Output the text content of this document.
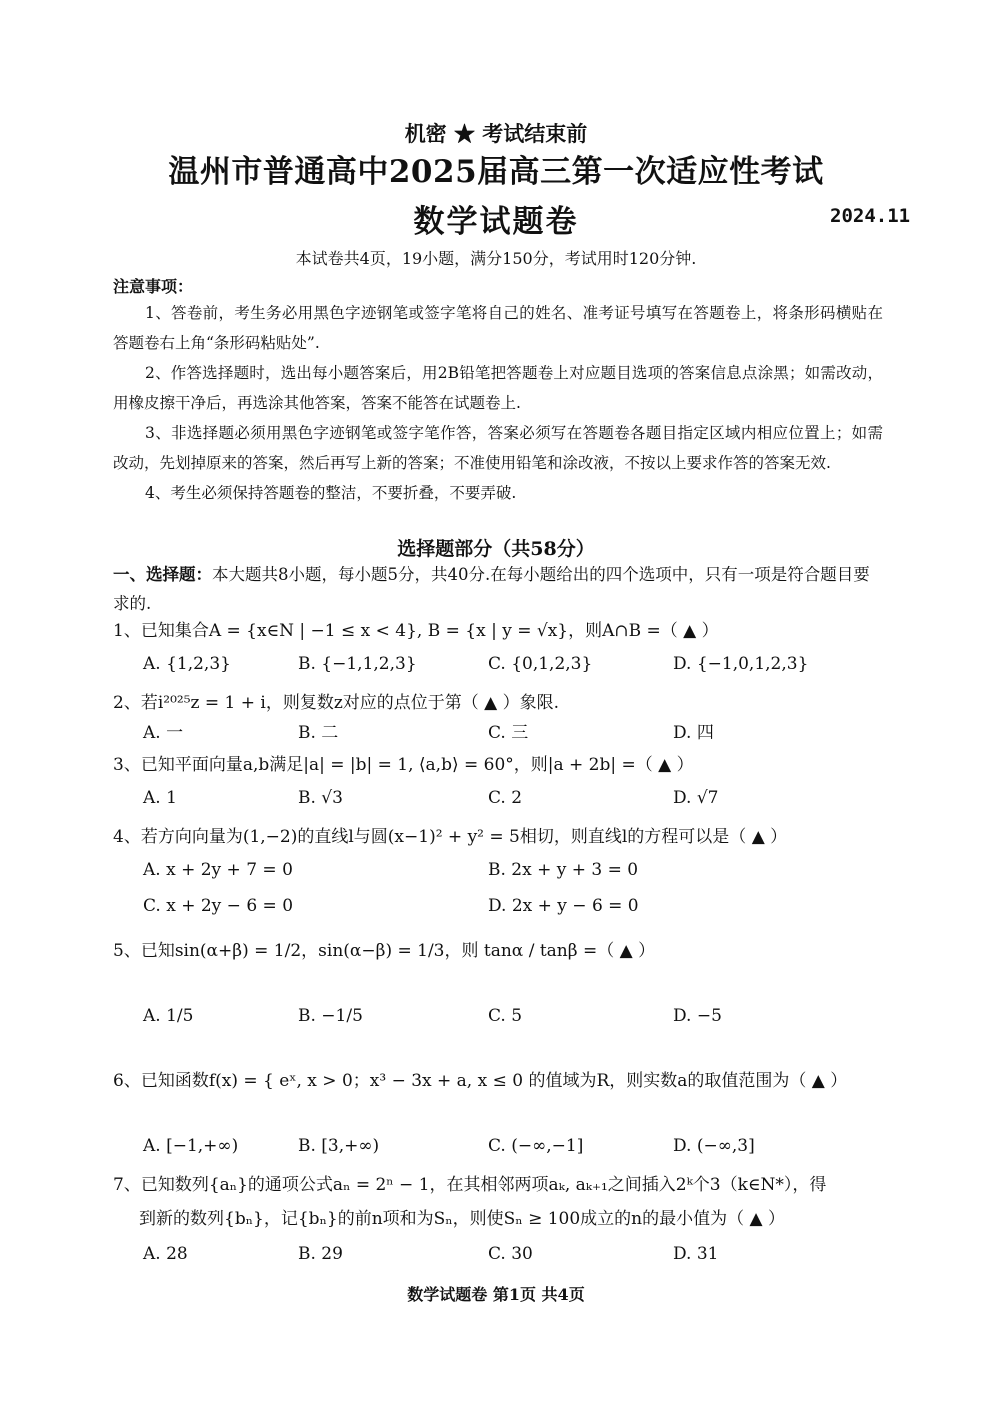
机密 ★ 考试结束前
温州市普通高中2025届高三第一次适应性考试
数学试题卷	2024.11
本试卷共4页，19小题，满分150分，考试用时120分钟.
注意事项：

1、答卷前，考生务必用黑色字迹钢笔或签字笔将自己的姓名、准考证号填写在答题卷上，将条形码横贴在答题卷右上角“条形码粘贴处”.

2、作答选择题时，选出每小题答案后，用2B铅笔把答题卷上对应题目选项的答案信息点涂黑；如需改动，用橡皮擦干净后，再选涂其他答案，答案不能答在试题卷上.

3、非选择题必须用黑色字迹钢笔或签字笔作答，答案必须写在答题卷各题目指定区域内相应位置上；如需改动，先划掉原来的答案，然后再写上新的答案；不准使用铅笔和涂改液，不按以上要求作答的答案无效.

4、考生必须保持答题卷的整洁，不要折叠，不要弄破.

选择题部分（共58分）
一、选择题：本大题共8小题，每小题5分，共40分.在每小题给出的四个选项中，只有一项是符合题目要求的.
1、已知集合A = {x∈N | −1 ≤ x < 4}, B = {x | y = √x}，则A∩B =（ ▲ ）
A. {1,2,3}	B. {−1,1,2,3}	C. {0,1,2,3}	D. {−1,0,1,2,3}
2、若i²⁰²⁵z = 1 + i，则复数z对应的点位于第（ ▲ ）象限.
A. 一	B. 二	C. 三	D. 四
3、已知平面向量a,b满足|a| = |b| = 1, ⟨a,b⟩ = 60°，则|a + 2b| =（ ▲ ）
A. 1	B. √3	C. 2	D. √7
4、若方向向量为(1,−2)的直线l与圆(x−1)² + y² = 5相切，则直线l的方程可以是（ ▲ ）
A. x + 2y + 7 = 0	B. 2x + y + 3 = 0
C. x + 2y − 6 = 0	D. 2x + y − 6 = 0
5、已知sin(α+β) = 1/2，sin(α−β) = 1/3，则 tanα / tanβ =（ ▲ ）
A. 1/5	B. −1/5	C. 5	D. −5
6、已知函数f(x) = { eˣ, x > 0；x³ − 3x + a, x ≤ 0 的值域为R，则实数a的取值范围为（ ▲ ）
A. [−1,+∞)	B. [3,+∞)	C. (−∞,−1]	D. (−∞,3]
7、已知数列{aₙ}的通项公式aₙ = 2ⁿ − 1，在其相邻两项aₖ, aₖ₊₁之间插入2ᵏ个3（k∈N*），得
到新的数列{bₙ}，记{bₙ}的前n项和为Sₙ，则使Sₙ ≥ 100成立的n的最小值为（ ▲ ）
A. 28	B. 29	C. 30	D. 31
数学试题卷 第1页 共4页
